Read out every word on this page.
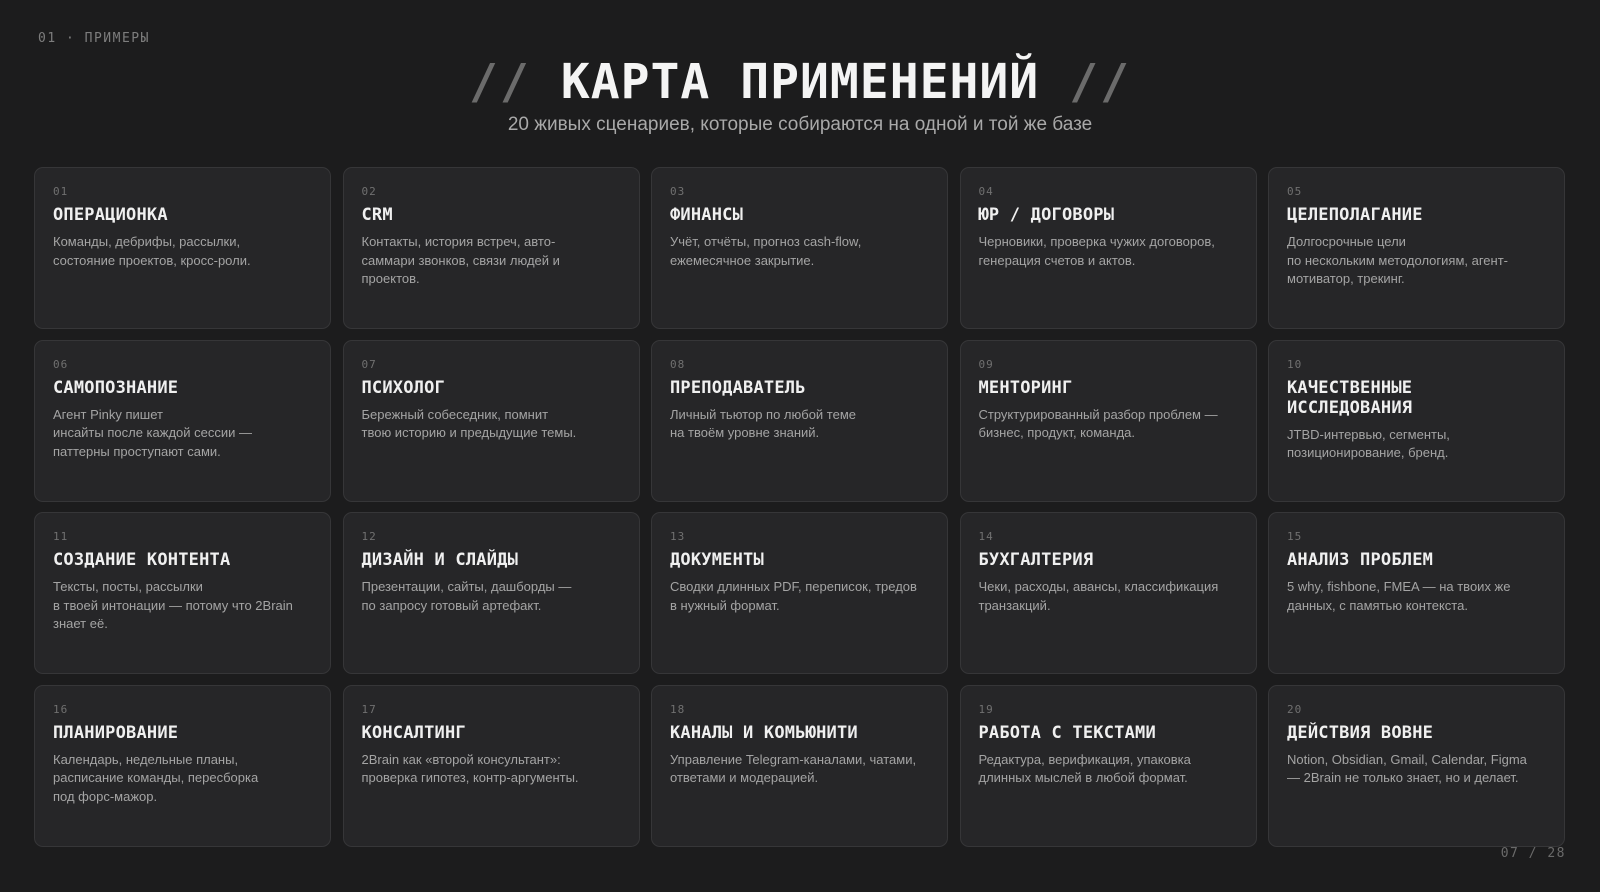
01 · ПРИМЕРЫ
// КАРТА ПРИМЕНЕНИЙ //
20 живых сценариев, которые собираются на одной и той же базе
01
ОПЕРАЦИОНКА
Команды, дебрифы, рассылки,
состояние проектов, кросс-роли.
02
CRM
Контакты, история встреч, авто-
саммари звонков, связи людей и
проектов.
03
ФИНАНСЫ
Учёт, отчёты, прогноз cash-flow,
ежемесячное закрытие.
04
ЮР / ДОГОВОРЫ
Черновики, проверка чужих договоров,
генерация счетов и актов.
05
ЦЕЛЕПОЛАГАНИЕ
Долгосрочные цели
по нескольким методологиям, агент-
мотиватор, трекинг.
06
САМОПОЗНАНИЕ
Агент Pinky пишет
инсайты после каждой сессии —
паттерны проступают сами.
07
ПСИХОЛОГ
Бережный собеседник, помнит
твою историю и предыдущие темы.
08
ПРЕПОДАВАТЕЛЬ
Личный тьютор по любой теме
на твоём уровне знаний.
09
МЕНТОРИНГ
Структурированный разбор проблем —
бизнес, продукт, команда.
10
КАЧЕСТВЕННЫЕ
ИССЛЕДОВАНИЯ
JTBD-интервью, сегменты,
позиционирование, бренд.
11
СОЗДАНИЕ КОНТЕНТА
Тексты, посты, рассылки
в твоей интонации — потому что 2Brain
знает её.
12
ДИЗАЙН И СЛАЙДЫ
Презентации, сайты, дашборды —
по запросу готовый артефакт.
13
ДОКУМЕНТЫ
Сводки длинных PDF, переписок, тредов
в нужный формат.
14
БУХГАЛТЕРИЯ
Чеки, расходы, авансы, классификация
транзакций.
15
АНАЛИЗ ПРОБЛЕМ
5 why, fishbone, FMEA — на твоих же
данных, с памятью контекста.
16
ПЛАНИРОВАНИЕ
Календарь, недельные планы,
расписание команды, пересборка
под форс-мажор.
17
КОНСАЛТИНГ
2Brain как «второй консультант»:
проверка гипотез, контр-аргументы.
18
КАНАЛЫ И КОМЬЮНИТИ
Управление Telegram-каналами, чатами,
ответами и модерацией.
19
РАБОТА С ТЕКСТАМИ
Редактура, верификация, упаковка
длинных мыслей в любой формат.
20
ДЕЙСТВИЯ ВОВНЕ
Notion, Obsidian, Gmail, Calendar, Figma
— 2Brain не только знает, но и делает.
07 / 28
